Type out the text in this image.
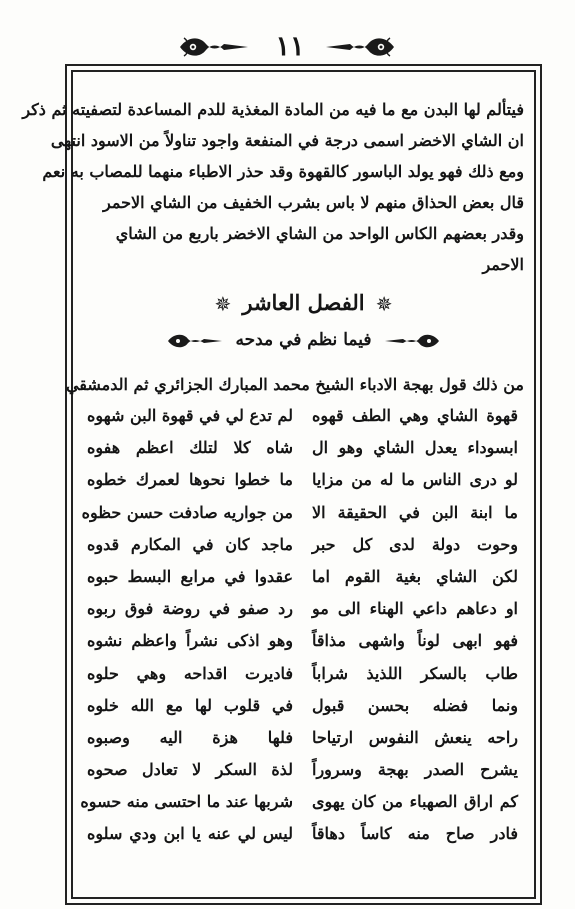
١١
فيتألم لها البدن مع ما فيه من المادة المغذية للدم المساعدة لتصفيته ثم ذكر
ان الشاي الاخضر اسمى درجة في المنفعة واجود تناولاً من الاسود انتهى
ومع ذلك فهو يولد الباسور كالقهوة وقد حذر الاطباء منهما للمصاب به نعم
قال بعض الحذاق منهم لا باس بشرب الخفيف من الشاي الاحمر
وقدر بعضهم الكاس الواحد من الشاي الاخضر باربع من الشاي
الاحمر
✵ الفصل العاشر ✵
فيما نظم في مدحه
من ذلك قول بهجة الادباء الشيخ محمد المبارك الجزائري ثم الدمشقي
قهوة الشاي وهي الطف قهوه
لم تدع لي في قهوة البن شهوه
ابسوداء يعدل الشاي وهو ال
شاه كلا لتلك اعظم هفوه
لو درى الناس ما له من مزايا
ما خطوا نحوها لعمرك خطوه
ما ابنة البن في الحقيقة الا
من جواريه صادفت حسن حظوه
وحوت دولة لدى كل حبر
ماجد كان في المكارم قدوه
لكن الشاي بغية القوم اما
عقدوا في مرابع البسط حبوه
او دعاهم داعي الهناء الى مو
رد صفو في روضة فوق ربوه
فهو ابهى لوناً واشهى مذاقاً
وهو اذكى نشراً واعظم نشوه
طاب بالسكر اللذيذ شراباً
فاديرت اقداحه وهي حلوه
ونما فضله بحسن قبول
في قلوب لها مع الله خلوه
راحه ينعش النفوس ارتياحا
فلها هزة اليه وصبوه
يشرح الصدر بهجة وسروراً
لذة السكر لا تعادل صحوه
كم اراق الصهباء من كان يهوى
شربها عند ما احتسى منه حسوه
فادر صاح منه كاساً دهاقاً
ليس لي عنه يا ابن ودي سلوه
